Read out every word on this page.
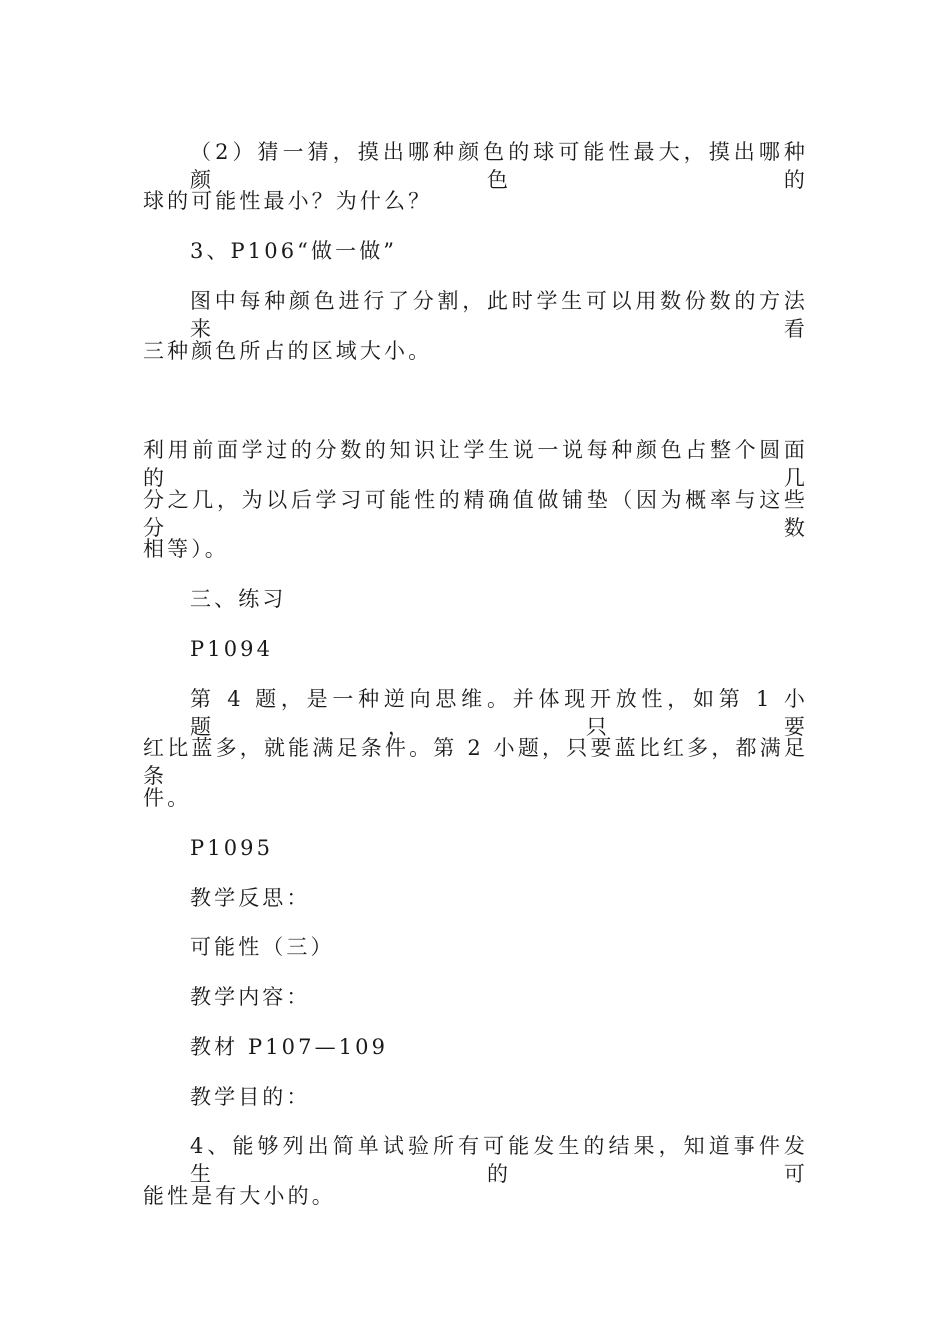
（2）猜一猜，摸出哪种颜色的球可能性最大，摸出哪种颜色的

球的可能性最小？为什么？

3、P106“做一做”

图中每种颜色进行了分割，此时学生可以用数份数的方法来看

三种颜色所占的区域大小。

利用前面学过的分数的知识让学生说一说每种颜色占整个圆面的几

分之几，为以后学习可能性的精确值做铺垫（因为概率与这些分数

相等）。

三、练习

P1094

第 4 题，是一种逆向思维。并体现开放性，如第 1 小题，只要

红比蓝多，就能满足条件。第 2 小题，只要蓝比红多，都满足条

件。

P1095

教学反思：

可能性（三）

教学内容：

教材 P107—109

教学目的：

4、能够列出简单试验所有可能发生的结果，知道事件发生的可

能性是有大小的。
